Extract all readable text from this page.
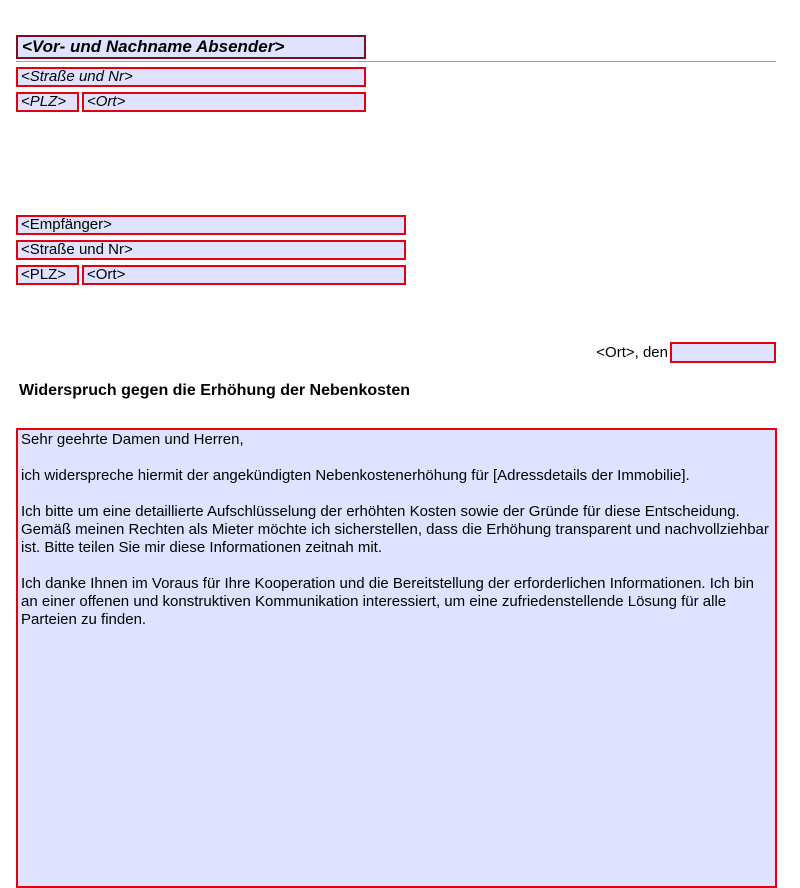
<Vor- und Nachname Absender>
<Straße und Nr>
<PLZ>	<Ort>
<Empfänger>
<Straße und Nr>
<PLZ>	<Ort>
<Ort>, den
Widerspruch gegen die Erhöhung der Nebenkosten

Sehr geehrte Damen und Herren,

ich widerspreche hiermit der angekündigten Nebenkostenerhöhung für [Adressdetails der Immobilie].

Ich bitte um eine detaillierte Aufschlüsselung der erhöhten Kosten sowie der Gründe für diese Entscheidung. Gemäß meinen Rechten als Mieter möchte ich sicherstellen, dass die Erhöhung transparent und nachvollziehbar ist. Bitte teilen Sie mir diese Informationen zeitnah mit.

Ich danke Ihnen im Voraus für Ihre Kooperation und die Bereitstellung der erforderlichen Informationen. Ich bin an einer offenen und konstruktiven Kommunikation interessiert, um eine zufriedenstellende Lösung für alle Parteien zu finden.
